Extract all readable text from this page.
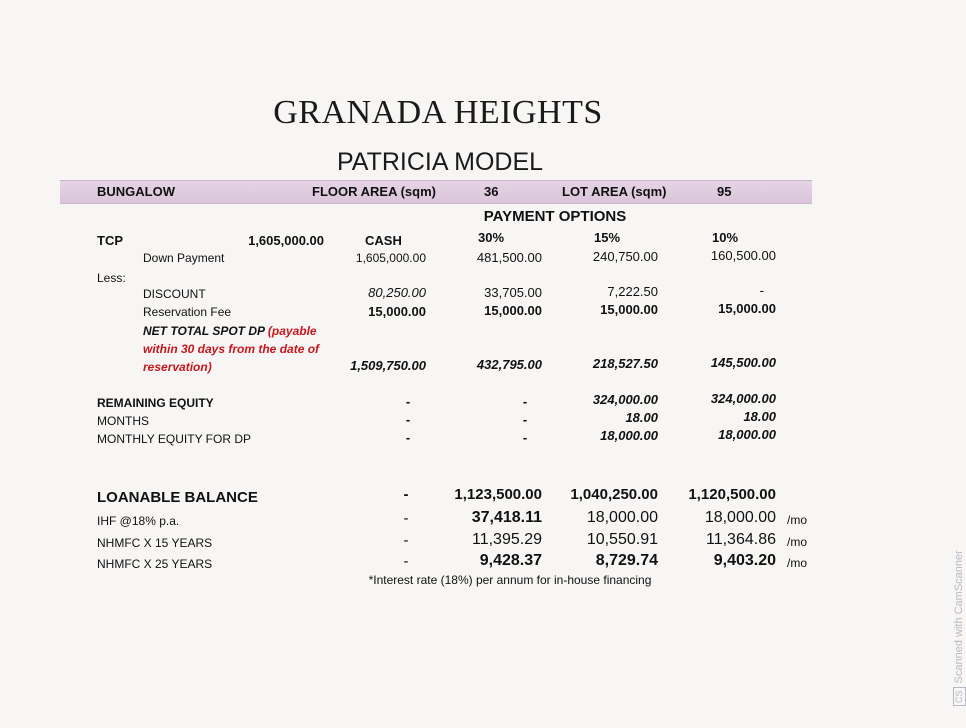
GRANADA HEIGHTS
PATRICIA MODEL
BUNGALOW	FLOOR AREA (sqm)	36	LOT AREA (sqm)	95
PAYMENT OPTIONS
TCP	1,605,000.00	CASH	30%	15%	10%
Down Payment	1,605,000.00	481,500.00	240,750.00	160,500.00
Less:
DISCOUNT	80,250.00	33,705.00	7,222.50	-
Reservation Fee	15,000.00	15,000.00	15,000.00	15,000.00
NET TOTAL SPOT DP (payable
within 30 days from the date of
reservation)	1,509,750.00	432,795.00	218,527.50	145,500.00
REMAINING EQUITY	-	-	324,000.00	324,000.00
MONTHS	-	-	18.00	18.00
MONTHLY EQUITY FOR DP	-	-	18,000.00	18,000.00
LOANABLE BALANCE	-	1,123,500.00	1,040,250.00	1,120,500.00
IHF @18% p.a.	-	37,418.11	18,000.00	18,000.00 /mo
NHMFC X 15 YEARS	-	11,395.29	10,550.91	11,364.86 /mo
NHMFC X 25 YEARS	-	9,428.37	8,729.74	9,403.20 /mo
*Interest rate (18%) per annum for in-house financing
CSScanned with CamScanner
